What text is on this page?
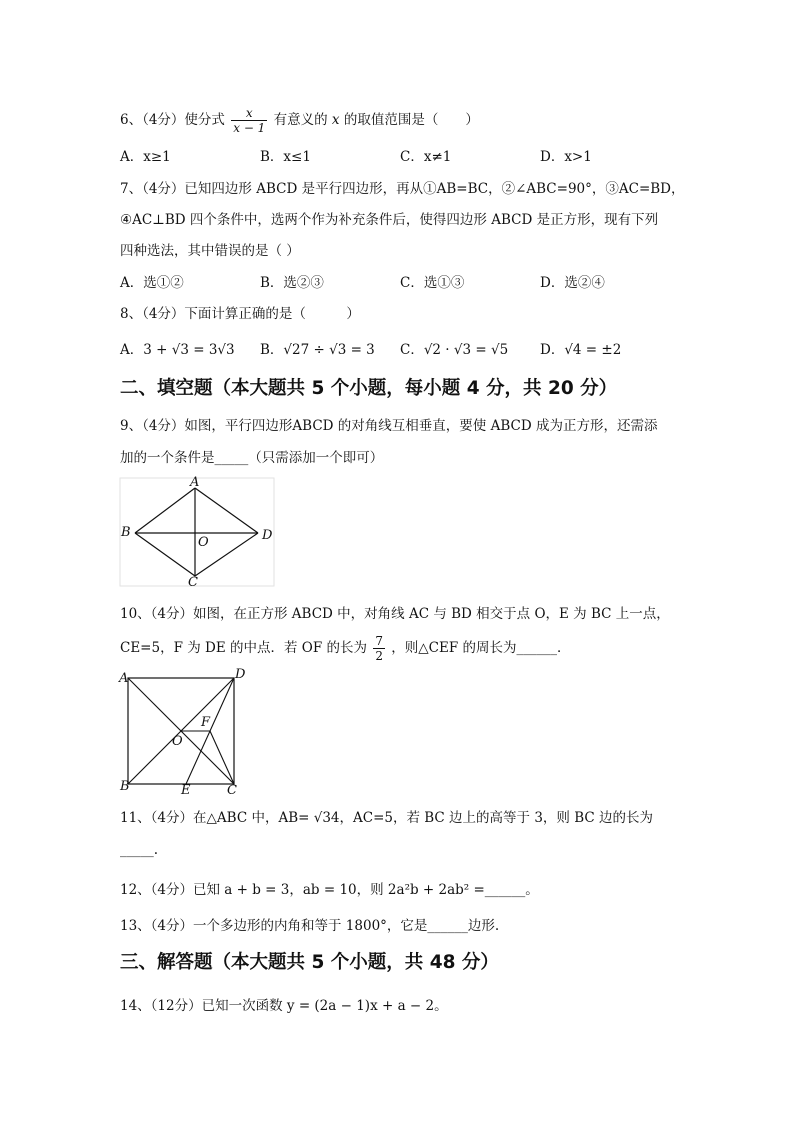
6、（4分）使分式 $\frac{x}{x - 1}$ 有意义的 x 的取值范围是（　　）
A．x≥1	B．x≤1	C．x≠1	D．x>1
7、（4分）已知四边形 ABCD 是平行四边形，再从①AB=BC，②∠ABC=90°，③AC=BD，
④AC⊥BD 四个条件中，选两个作为补充条件后，使得四边形 ABCD 是正方形，现有下列
四种选法，其中错误的是（ ）
A．选①②	B．选②③	C．选①③	D．选②④
8、（4分）下面计算正确的是（　　　）
A．3 + √3 = 3√3	B．√27 ÷ √3 = 3	C．√2 · √3 = √5	D．√4 = ±2
二、填空题（本大题共 5 个小题，每小题 4 分，共 20 分）
9、（4分）如图，平行四边形ABCD 的对角线互相垂直，要使 ABCD 成为正方形，还需添
加的一个条件是_____（只需添加一个即可）
A
B
C
D
O
10、（4分）如图，在正方形 ABCD 中，对角线 AC 与 BD 相交于点 O，E 为 BC 上一点，
CE=5，F 为 DE 的中点．若 OF 的长为 $\frac{7}{2}$ ，则△CEF 的周长为______．
A	D
B	C
E
F
O
11、（4分）在△ABC 中，AB= √34，AC=5，若 BC 边上的高等于 3，则 BC 边的长为
_____.
12、（4分）已知 a + b = 3，ab = 10，则 2a²b + 2ab² =______。
13、（4分）一个多边形的内角和等于 1800°，它是______边形.
三、解答题（本大题共 5 个小题，共 48 分）
14、（12分）已知一次函数 y = (2a − 1)x + a − 2。
